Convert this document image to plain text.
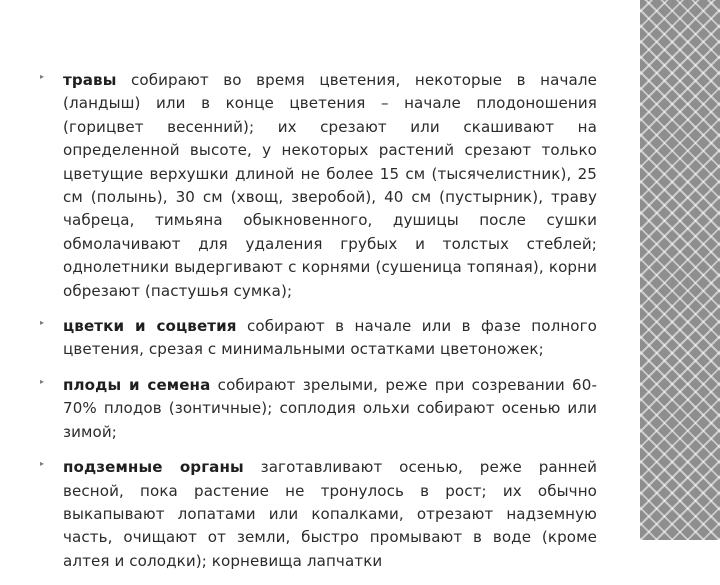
▸ травы собирают во время цветения, некоторые в начале (ландыш) или в конце цветения – начале плодоношения (горицвет весенний); их срезают или скашивают на определенной высоте, у некоторых растений срезают только цветущие верхушки длиной не более 15 см (тысячелистник), 25 см (полынь), 30 см (хвощ, зверобой), 40 см (пустырник), траву чабреца, тимьяна обыкновенного, душицы после сушки обмолачивают для удаления грубых и толстых стеблей; однолетники выдергивают с корнями (сушеница топяная), корни обрезают (пастушья сумка);
▸ цветки и соцветия собирают в начале или в фазе полного цветения, срезая с минимальными остатками цветоножек;
▸ плоды и семена собирают зрелыми, реже при созревании 60-70% плодов (зонтичные); соплодия ольхи собирают осенью или зимой;
▸ подземные органы заготавливают осенью, реже ранней весной, пока растение не тронулось в рост; их обычно выкапывают лопатами или копалками, отрезают надземную часть, очищают от земли, быстро промывают в воде (кроме алтея и солодки); корневища лапчатки
